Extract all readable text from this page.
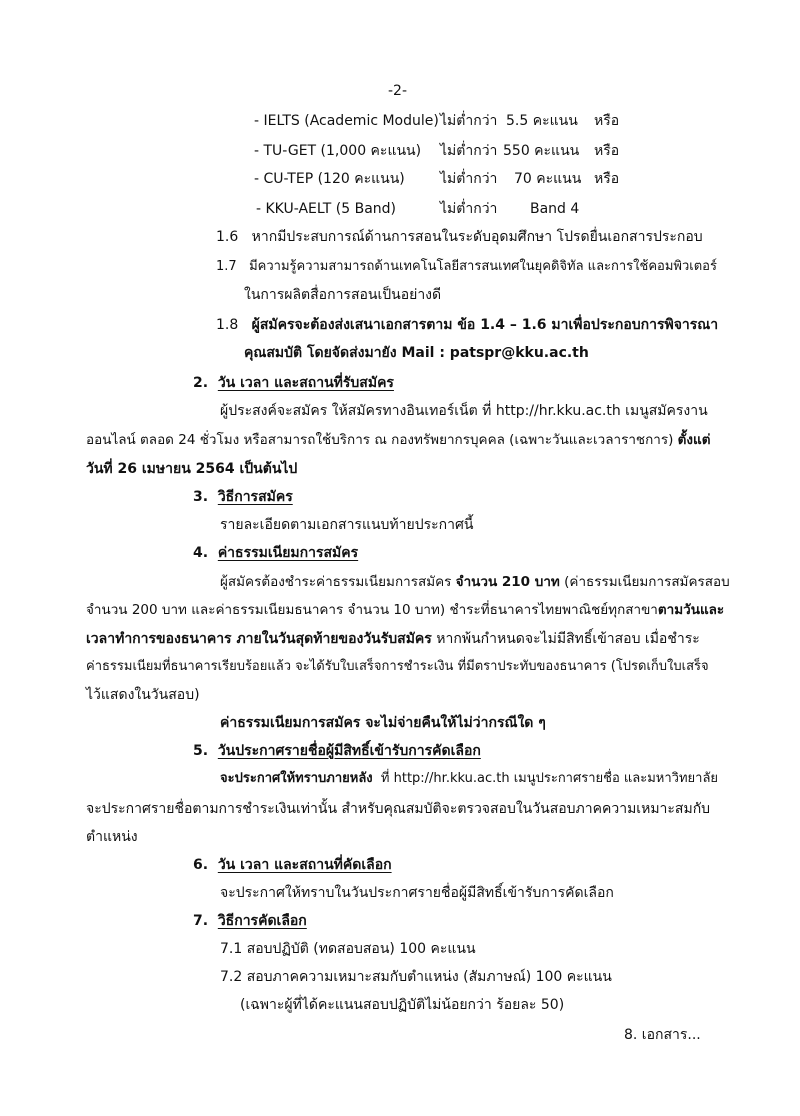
-2-
- IELTS (Academic Module) ไม่ต่ำกว่า 5.5 คะแนน หรือ
- TU-GET (1,000 คะแนน) ไม่ต่ำกว่า 550 คะแนน หรือ
- CU-TEP (120 คะแนน)	ไม่ต่ำกว่า 70 คะแนน หรือ
- KKU-AELT (5 Band)	ไม่ต่ำกว่า Band 4
1.6 หากมีประสบการณ์ด้านการสอนในระดับอุดมศึกษา โปรดยื่นเอกสารประกอบ
1.7 มีความรู้ความสามารถด้านเทคโนโลยีสารสนเทศในยุคดิจิทัล และการใช้คอมพิวเตอร์
ในการผลิตสื่อการสอนเป็นอย่างดี
1.8 ผู้สมัครจะต้องส่งเสนาเอกสารตาม ข้อ 1.4 – 1.6 มาเพื่อประกอบการพิจารณา
คุณสมบัติ โดยจัดส่งมายัง Mail : patspr@kku.ac.th
2. วัน เวลา และสถานที่รับสมัคร
ผู้ประสงค์จะสมัคร ให้สมัครทางอินเทอร์เน็ต ที่ http://hr.kku.ac.th เมนูสมัครงาน
ออนไลน์ ตลอด 24 ชั่วโมง หรือสามารถใช้บริการ ณ กองทรัพยากรบุคคล (เฉพาะวันและเวลาราชการ) ตั้งแต่
วันที่ 26 เมษายน 2564 เป็นต้นไป
3. วิธีการสมัคร
รายละเอียดตามเอกสารแนบท้ายประกาศนี้
4. ค่าธรรมเนียมการสมัคร
ผู้สมัครต้องชำระค่าธรรมเนียมการสมัคร จำนวน 210 บาท (ค่าธรรมเนียมการสมัครสอบ
จำนวน 200 บาท และค่าธรรมเนียมธนาคาร จำนวน 10 บาท) ชำระที่ธนาคารไทยพาณิชย์ทุกสาขาตามวันและ
เวลาทำการของธนาคาร ภายในวันสุดท้ายของวันรับสมัคร หากพ้นกำหนดจะไม่มีสิทธิ์เข้าสอบ เมื่อชำระ
ค่าธรรมเนียมที่ธนาคารเรียบร้อยแล้ว จะได้รับใบเสร็จการชำระเงิน ที่มีตราประทับของธนาคาร (โปรดเก็บใบเสร็จ
ไว้แสดงในวันสอบ)
ค่าธรรมเนียมการสมัคร จะไม่จ่ายคืนให้ไม่ว่ากรณีใด ๆ
5. วันประกาศรายชื่อผู้มีสิทธิ์เข้ารับการคัดเลือก
จะประกาศให้ทราบภายหลัง ที่ http://hr.kku.ac.th เมนูประกาศรายชื่อ และมหาวิทยาลัย
จะประกาศรายชื่อตามการชำระเงินเท่านั้น สำหรับคุณสมบัติจะตรวจสอบในวันสอบภาคความเหมาะสมกับ
ตำแหน่ง
6. วัน เวลา และสถานที่คัดเลือก
จะประกาศให้ทราบในวันประกาศรายชื่อผู้มีสิทธิ์เข้ารับการคัดเลือก
7. วิธีการคัดเลือก
7.1 สอบปฏิบัติ (ทดสอบสอน) 100 คะแนน
7.2 สอบภาคความเหมาะสมกับตำแหน่ง (สัมภาษณ์) 100 คะแนน
(เฉพาะผู้ที่ได้คะแนนสอบปฏิบัติไม่น้อยกว่า ร้อยละ 50)
8. เอกสาร...
